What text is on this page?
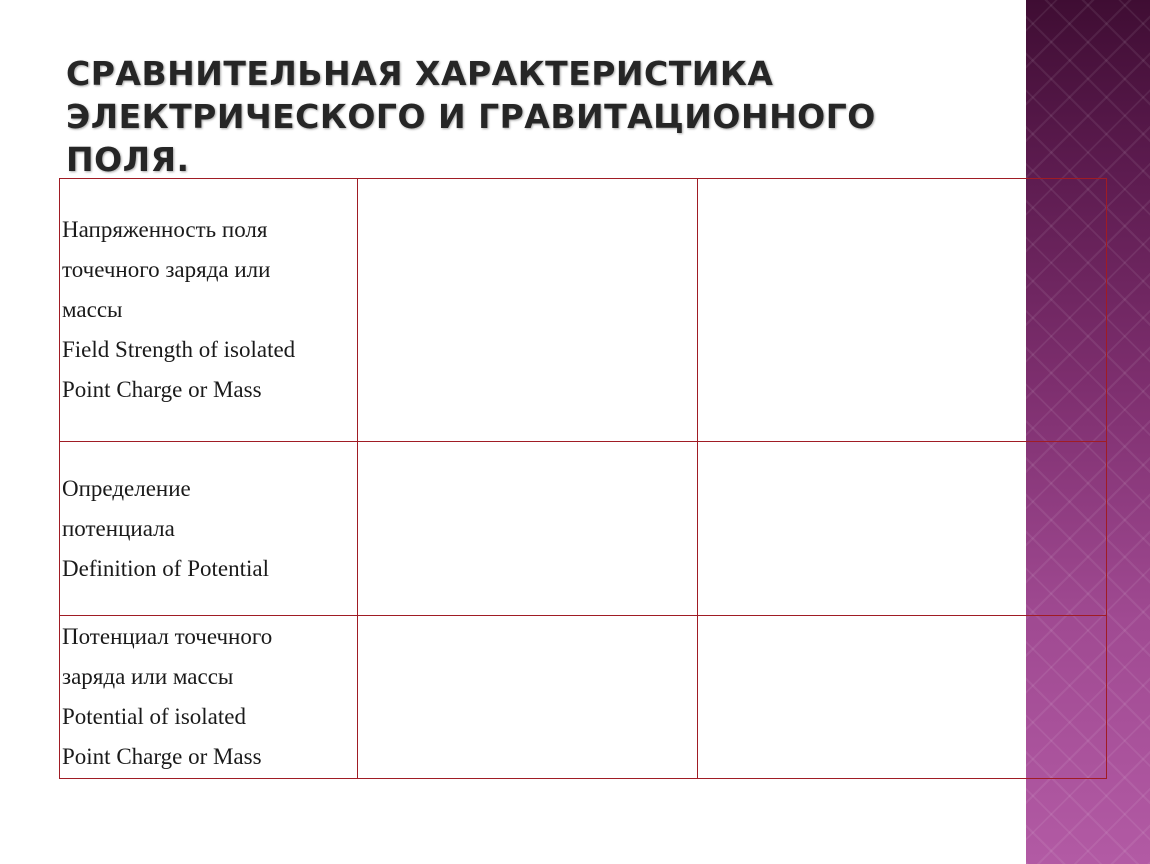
СРАВНИТЕЛЬНАЯ ХАРАКТЕРИСТИКА
ЭЛЕКТРИЧЕСКОГО И ГРАВИТАЦИОННОГО
ПОЛЯ.
Напряженность поля
точечного заряда или
массы
Field Strength of isolated
Point Charge or Mass		

Определение
потенциала
Definition of Potential		

Потенциал точечного
заряда или массы
Potential of isolated
Point Charge or Mass		
